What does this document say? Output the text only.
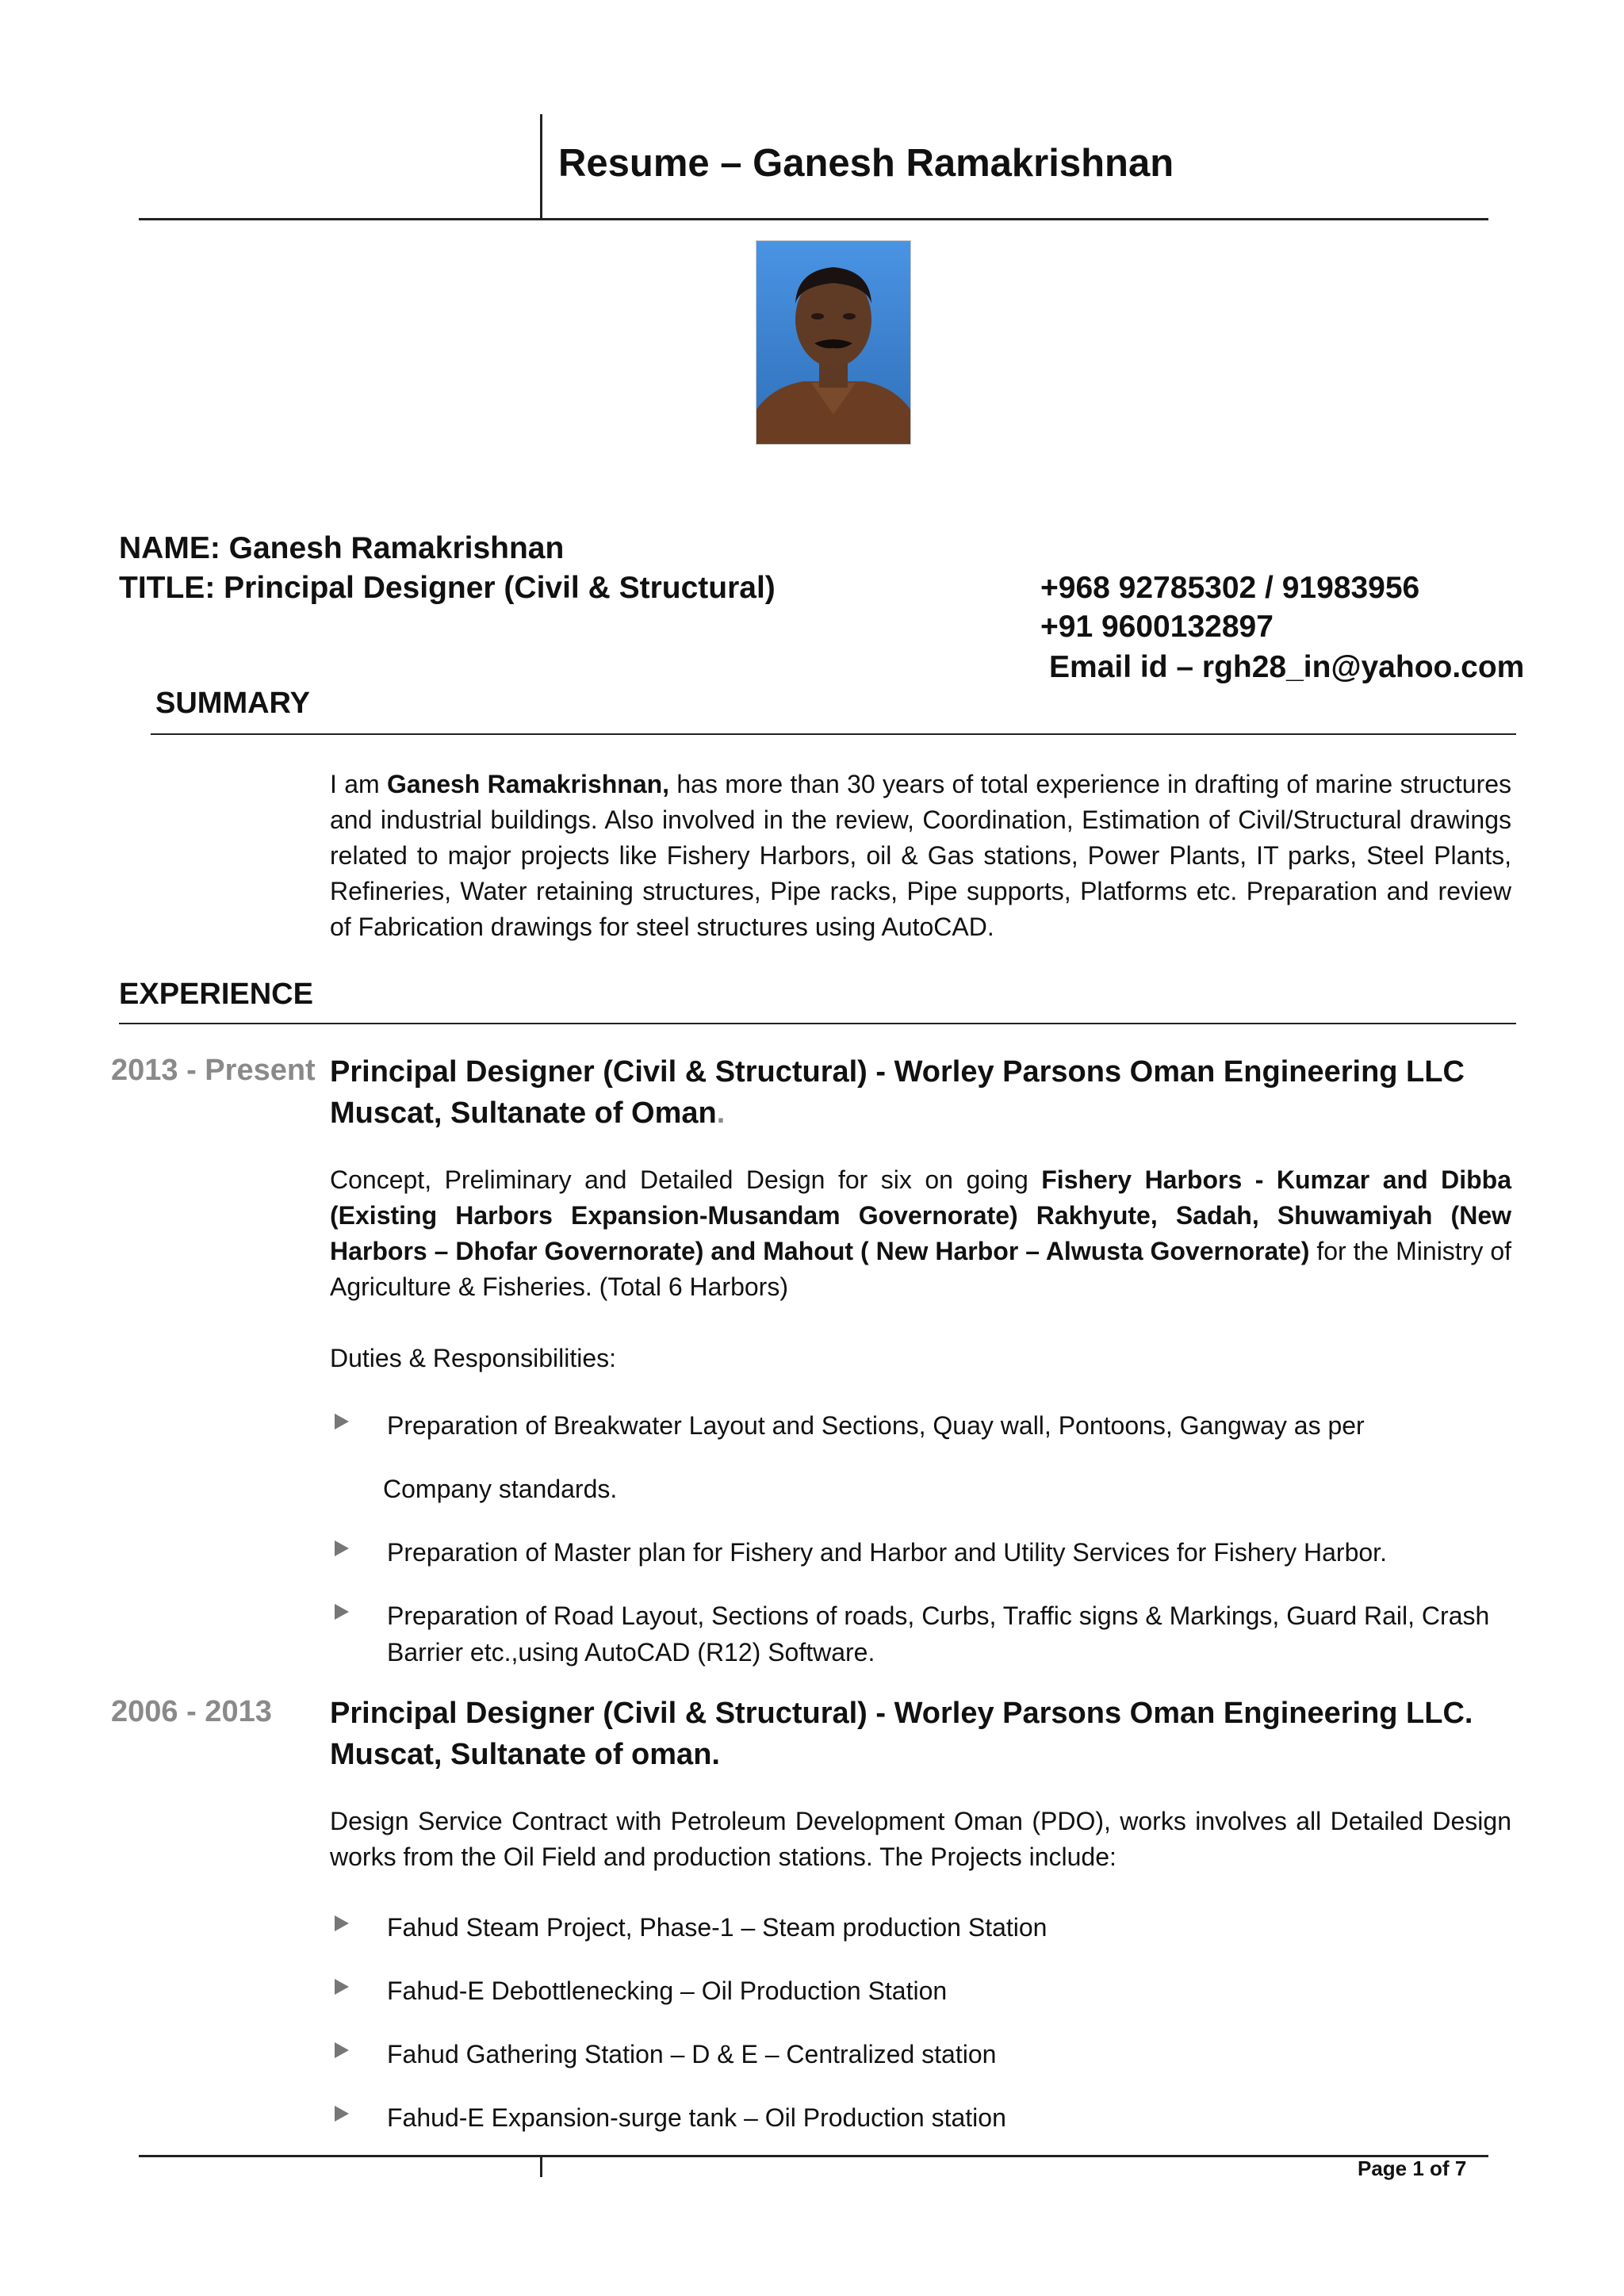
Resume – Ganesh Ramakrishnan
NAME: Ganesh Ramakrishnan
TITLE: Principal Designer (Civil & Structural)	+968 92785302 / 91983956
+91 9600132897
Email id – rgh28_in@yahoo.com
SUMMARY
I am Ganesh Ramakrishnan, has more than 30 years of total experience in drafting of marine structures and industrial buildings. Also involved in the review, Coordination, Estimation of Civil/Structural drawings related to major projects like Fishery Harbors, oil & Gas stations, Power Plants, IT parks, Steel Plants, Refineries, Water retaining structures, Pipe racks, Pipe supports, Platforms etc. Preparation and review of Fabrication drawings for steel structures using AutoCAD.
EXPERIENCE
2013 - Present Principal Designer (Civil & Structural) - Worley Parsons Oman Engineering LLC
Muscat, Sultanate of Oman.
Concept, Preliminary and Detailed Design for six on going Fishery Harbors - Kumzar and Dibba (Existing Harbors Expansion-Musandam Governorate) Rakhyute, Sadah, Shuwamiyah (New Harbors – Dhofar Governorate) and Mahout ( New Harbor – Alwusta Governorate) for the Ministry of Agriculture & Fisheries. (Total 6 Harbors)
Duties & Responsibilities:
Preparation of Breakwater Layout and Sections, Quay wall, Pontoons, Gangway as per
Company standards.
Preparation of Master plan for Fishery and Harbor and Utility Services for Fishery Harbor.
Preparation of Road Layout, Sections of roads, Curbs, Traffic signs & Markings, Guard Rail, Crash Barrier etc.,using AutoCAD (R12) Software.
2006 - 2013 Principal Designer (Civil & Structural) - Worley Parsons Oman Engineering LLC.
Muscat, Sultanate of oman.
Design Service Contract with Petroleum Development Oman (PDO), works involves all Detailed Design works from the Oil Field and production stations. The Projects include:
Fahud Steam Project, Phase-1 – Steam production Station
Fahud-E Debottlenecking – Oil Production Station
Fahud Gathering Station – D & E – Centralized station
Fahud-E Expansion-surge tank – Oil Production station
Page 1 of 7
